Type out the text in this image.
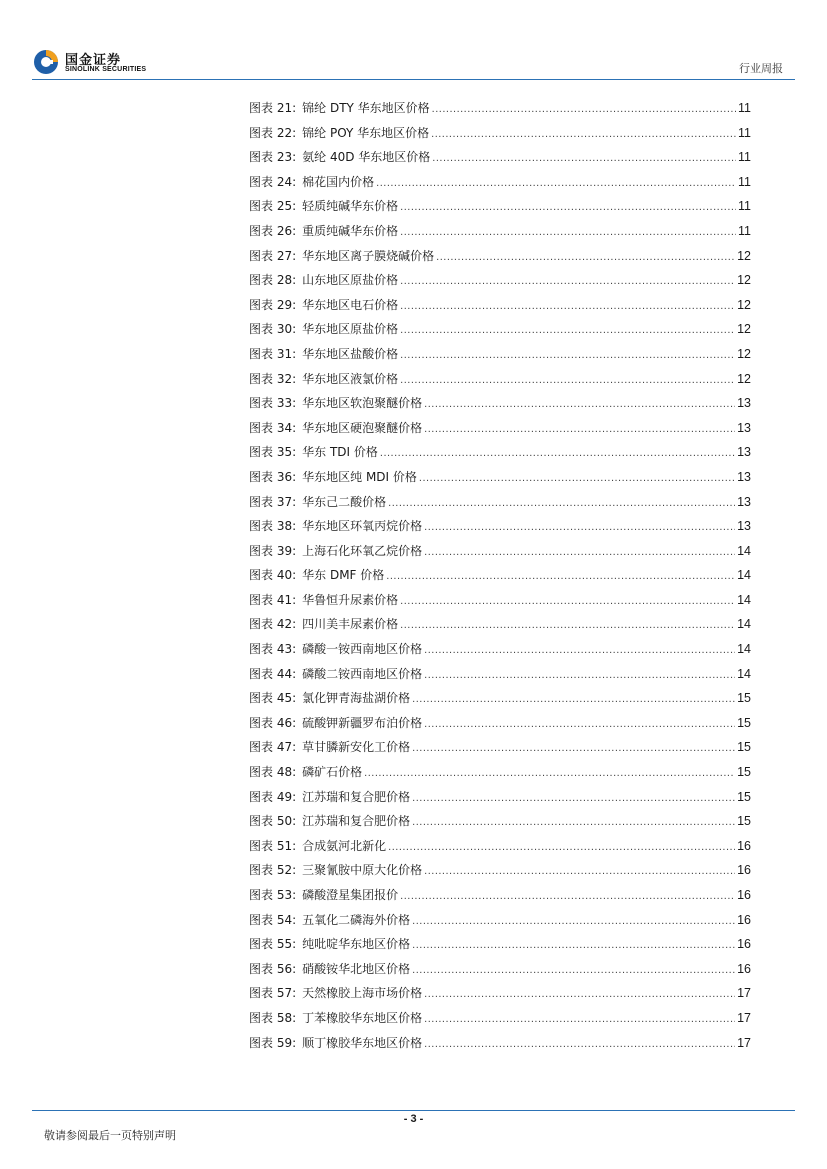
国金证券
SINOLINK SECURITIES	行业周报
图表 21: 锦纶 DTY 华东地区价格 .....	11
图表 22: 锦纶 POY 华东地区价格 .....	11
图表 23: 氨纶 40D 华东地区价格 .....	11
图表 24: 棉花国内价格 .....	11
图表 25: 轻质纯碱华东价格 .....	11
图表 26: 重质纯碱华东价格 .....	11
图表 27: 华东地区离子膜烧碱价格 .....	12
图表 28: 山东地区原盐价格 .....	12
图表 29: 华东地区电石价格 .....	12
图表 30: 华东地区原盐价格 .....	12
图表 31: 华东地区盐酸价格 .....	12
图表 32: 华东地区液氯价格 .....	12
图表 33: 华东地区软泡聚醚价格 .....	13
图表 34: 华东地区硬泡聚醚价格 .....	13
图表 35: 华东 TDI 价格 .....	13
图表 36: 华东地区纯 MDI 价格 .....	13
图表 37: 华东己二酸价格 .....	13
图表 38: 华东地区环氧丙烷价格 .....	13
图表 39: 上海石化环氧乙烷价格 .....	14
图表 40: 华东 DMF 价格 .....	14
图表 41: 华鲁恒升尿素价格 .....	14
图表 42: 四川美丰尿素价格 .....	14
图表 43: 磷酸一铵西南地区价格 .....	14
图表 44: 磷酸二铵西南地区价格 .....	14
图表 45: 氯化钾青海盐湖价格 .....	15
图表 46: 硫酸钾新疆罗布泊价格 .....	15
图表 47: 草甘膦新安化工价格 .....	15
图表 48: 磷矿石价格 .....	15
图表 49: 江苏瑞和复合肥价格 .....	15
图表 50: 江苏瑞和复合肥价格 .....	15
图表 51: 合成氨河北新化 .....	16
图表 52: 三聚氰胺中原大化价格 .....	16
图表 53: 磷酸澄星集团报价 .....	16
图表 54: 五氧化二磷海外价格 .....	16
图表 55: 纯吡啶华东地区价格 .....	16
图表 56: 硝酸铵华北地区价格 .....	16
图表 57: 天然橡胶上海市场价格 .....	17
图表 58: 丁苯橡胶华东地区价格 .....	17
图表 59: 顺丁橡胶华东地区价格 .....	17
- 3 -
敬请参阅最后一页特别声明
